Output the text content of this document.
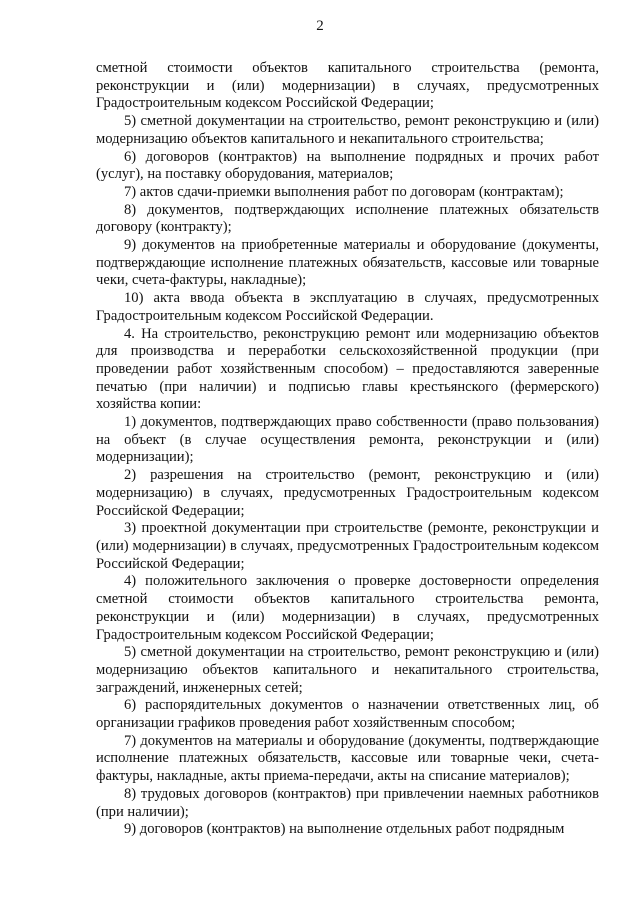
2

сметной стоимости объектов капитального строительства (ремонта, реконструкции и (или) модернизации) в случаях, предусмотренных Градостроительным кодексом Российской Федерации;

5) сметной документации на строительство, ремонт реконструкцию и (или) модернизацию объектов капитального и некапитального строительства;

6) договоров (контрактов) на выполнение подрядных и прочих работ (услуг), на поставку оборудования, материалов;

7) актов сдачи-приемки выполнения работ по договорам (контрактам);

8) документов, подтверждающих исполнение платежных обязательств договору (контракту);

9) документов на приобретенные материалы и оборудование (документы, подтверждающие исполнение платежных обязательств, кассовые или товарные чеки, счета-фактуры, накладные);

10) акта ввода объекта в эксплуатацию в случаях, предусмотренных Градостроительным кодексом Российской Федерации.

4. На строительство, реконструкцию ремонт или модернизацию объектов для производства и переработки сельскохозяйственной продукции (при проведении работ хозяйственным способом) – предоставляются заверенные печатью (при наличии) и подписью главы крестьянского (фермерского) хозяйства копии:

1) документов, подтверждающих право собственности (право пользования) на объект (в случае осуществления ремонта, реконструкции и (или) модернизации);

2) разрешения на строительство (ремонт, реконструкцию и (или) модернизацию) в случаях, предусмотренных Градостроительным кодексом Российской Федерации;

3) проектной документации при строительстве (ремонте, реконструкции и (или) модернизации) в случаях, предусмотренных Градостроительным кодексом Российской Федерации;

4) положительного заключения о проверке достоверности определения сметной стоимости объектов капитального строительства ремонта, реконструкции и (или) модернизации) в случаях, предусмотренных Градостроительным кодексом Российской Федерации;

5) сметной документации на строительство, ремонт реконструкцию и (или) модернизацию объектов капитального и некапитального строительства, заграждений, инженерных сетей;

6) распорядительных документов о назначении ответственных лиц, об организации графиков проведения работ хозяйственным способом;

7) документов на материалы и оборудование (документы, подтверждающие исполнение платежных обязательств, кассовые или товарные чеки, счета-фактуры, накладные, акты приема-передачи, акты на списание материалов);

8) трудовых договоров (контрактов) при привлечении наемных работников (при наличии);

9) договоров (контрактов) на выполнение отдельных работ подрядным
